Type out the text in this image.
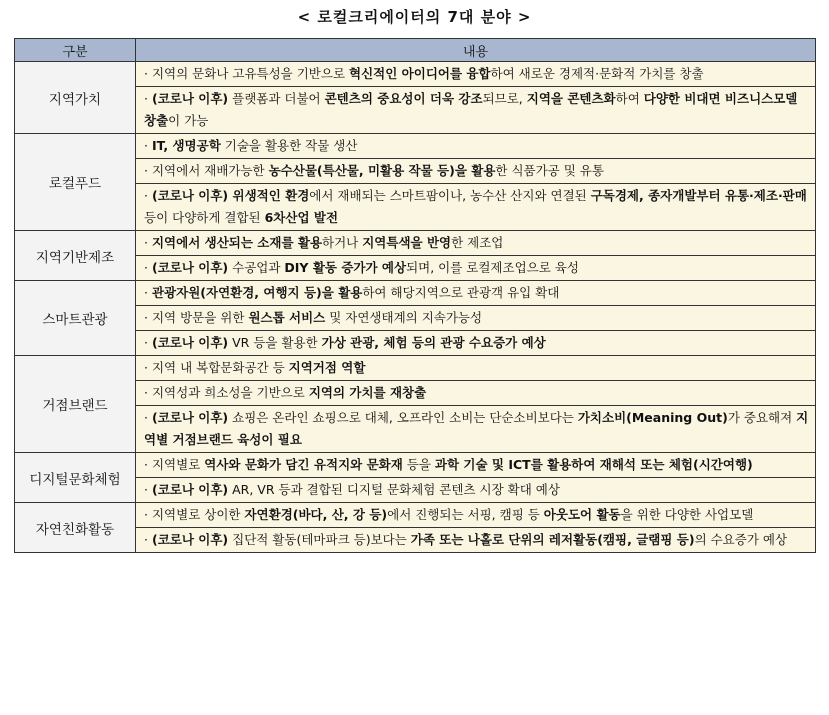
< 로컬크리에이터의 7대 분야 >
구분	내용
지역가치	· 지역의 문화나 고유특성을 기반으로 혁신적인 아이디어를 융합하여 새로운 경제적·문화적 가치를 창출
	· (코로나 이후) 플랫폼과 더불어 콘텐츠의 중요성이 더욱 강조되므로, 지역을 콘텐츠화하여 다양한 비대면 비즈니스모델 창출이 가능
로컬푸드	· IT, 생명공학 기술을 활용한 작물 생산
	· 지역에서 재배가능한 농수산물(특산물, 미활용 작물 등)을 활용한 식품가공 및 유통
	· (코로나 이후) 위생적인 환경에서 재배되는 스마트팜이나, 농수산 산지와 연결된 구독경제, 종자개발부터 유통·제조·판매 등이 다양하게 결합된 6차산업 발전
지역기반제조	· 지역에서 생산되는 소재를 활용하거나 지역특색을 반영한 제조업
	· (코로나 이후) 수공업과 DIY 활동 증가가 예상되며, 이를 로컬제조업으로 육성
스마트관광	· 관광자원(자연환경, 여행지 등)을 활용하여 해당지역으로 관광객 유입 확대
	· 지역 방문을 위한 원스톱 서비스 및 자연생태계의 지속가능성
	· (코로나 이후) VR 등을 활용한 가상 관광, 체험 등의 관광 수요증가 예상
거점브랜드	· 지역 내 복합문화공간 등 지역거점 역할
	· 지역성과 희소성을 기반으로 지역의 가치를 재창출
	· (코로나 이후) 쇼핑은 온라인 쇼핑으로 대체, 오프라인 소비는 단순소비보다는 가치소비(Meaning Out)가 중요해져 지역별 거점브랜드 육성이 필요
디지털문화체험	· 지역별로 역사와 문화가 담긴 유적지와 문화재 등을 과학 기술 및 ICT를 활용하여 재해석 또는 체험(시간여행)
	· (코로나 이후) AR, VR 등과 결합된 디지털 문화체험 콘텐츠 시장 확대 예상
자연친화활동	· 지역별로 상이한 자연환경(바다, 산, 강 등)에서 진행되는 서핑, 캠핑 등 아웃도어 활동을 위한 다양한 사업모델
	· (코로나 이후) 집단적 활동(테마파크 등)보다는 가족 또는 나홀로 단위의 레저활동(캠핑, 글램핑 등)의 수요증가 예상
